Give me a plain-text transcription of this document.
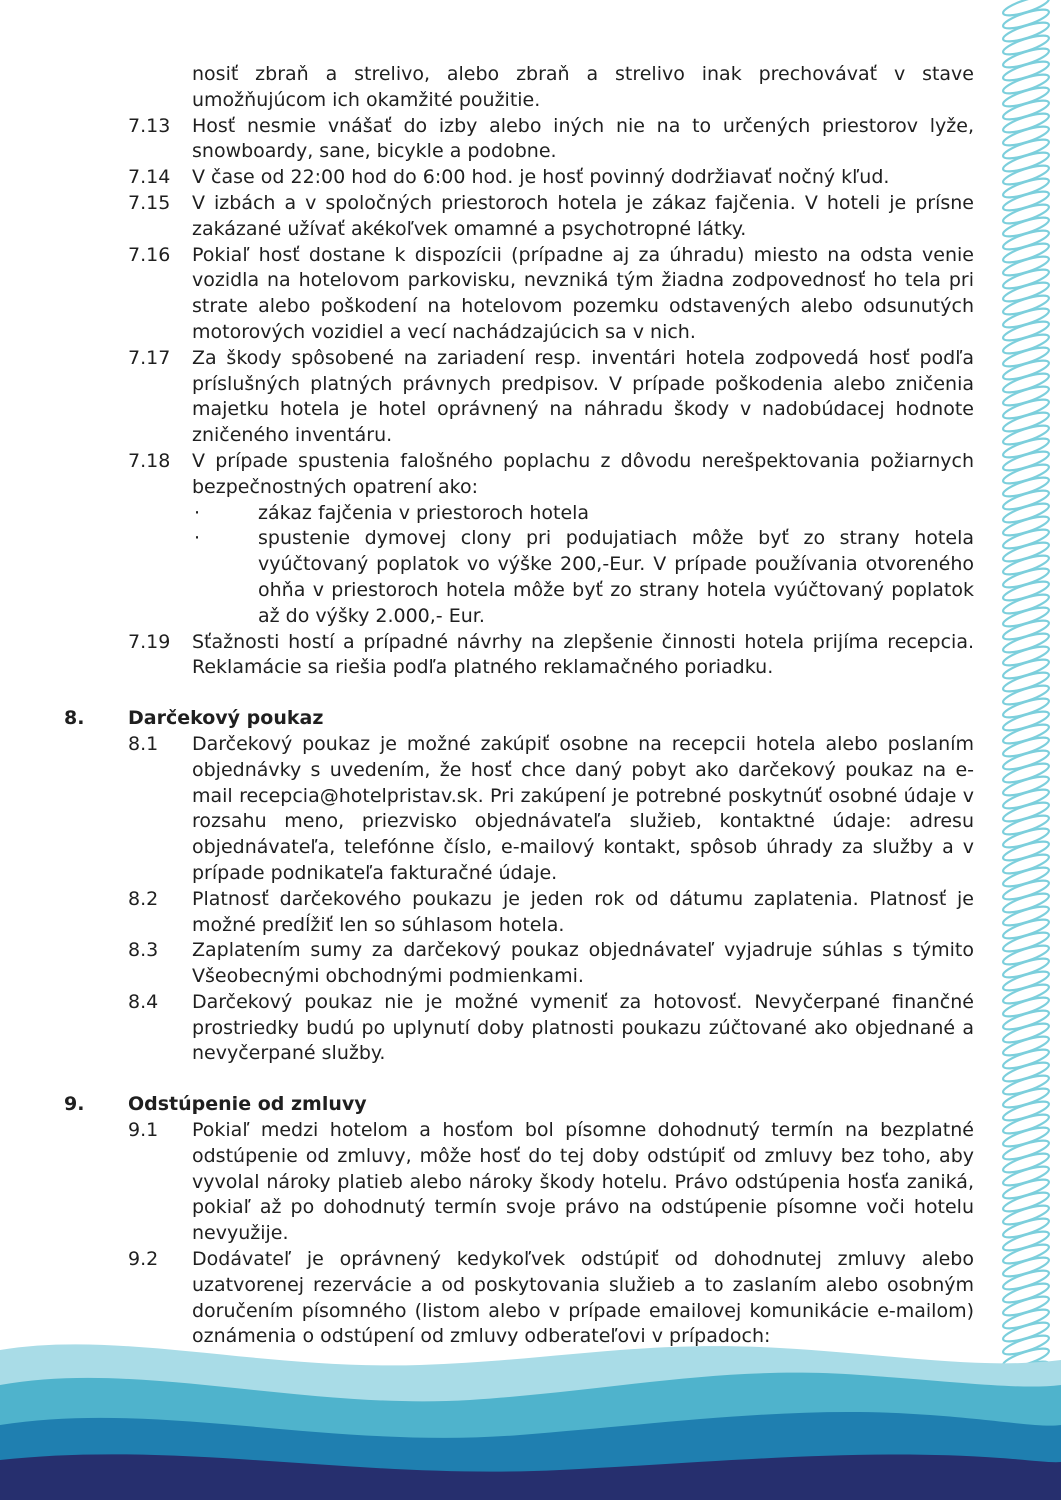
nosiť zbraň a strelivo, alebo zbraň a strelivo inak prechovávať v stave umožňujúcom ich okamžité použitie.
7.13	Hosť nesmie vnášať do izby alebo iných nie na to určených priestorov lyže, snowboardy, sane, bicykle a podobne.
7.14	V čase od 22:00 hod do 6:00 hod. je hosť povinný dodržiavať nočný kľud.
7.15	V izbách a v spoločných priestoroch hotela je zákaz fajčenia. V hoteli je prísne zakázané užívať akékoľvek omamné a psychotropné látky.
7.16	Pokiaľ hosť dostane k dispozícii (prípadne aj za úhradu) miesto na odsta venie vozidla na hotelovom parkovisku, nevzniká tým žiadna zodpovednosť ho tela pri strate alebo poškodení na hotelovom pozemku odstavených alebo odsunutých motorových vozidiel a vecí nachádzajúcich sa v nich.
7.17	Za škody spôsobené na zariadení resp. inventári hotela zodpovedá hosť podľa príslušných platných právnych predpisov. V prípade poškodenia alebo zničenia majetku hotela je hotel oprávnený na náhradu škody v nadobúdacej hodnote zničeného inventáru.
7.18	V prípade spustenia falošného poplachu z dôvodu nerešpektovania požiarnych bezpečnostných opatrení ako:
·	zákaz fajčenia v priestoroch hotela
·	spustenie dymovej clony pri podujatiach môže byť zo strany hotela vyúčtovaný poplatok vo výške 200,-Eur. V prípade používania otvoreného ohňa v priestoroch hotela môže byť zo strany hotela vyúčtovaný poplatok až do výšky 2.000,- Eur.
7.19	Sťažnosti hostí a prípadné návrhy na zlepšenie činnosti hotela prijíma recepcia. Reklamácie sa riešia podľa platného reklamačného poriadku.
8.	Darčekový poukaz
8.1	Darčekový poukaz je možné zakúpiť osobne na recepcii hotela alebo poslaním objednávky s uvedením, že hosť chce daný pobyt ako darčekový poukaz na e-mail recepcia@hotelpristav.sk. Pri zakúpení je potrebné poskytnúť osobné údaje v rozsahu meno, priezvisko objednávateľa služieb, kontaktné údaje: adresu objednávateľa, telefónne číslo, e-mailový kontakt, spôsob úhrady za služby a v prípade podnikateľa fakturačné údaje.
8.2	Platnosť darčekového poukazu je jeden rok od dátumu zaplatenia. Platnosť je možné predĺžiť len so súhlasom hotela.
8.3	Zaplatením sumy za darčekový poukaz objednávateľ vyjadruje súhlas s týmito Všeobecnými obchodnými podmienkami.
8.4	Darčekový poukaz nie je možné vymeniť za hotovosť. Nevyčerpané finančné prostriedky budú po uplynutí doby platnosti poukazu zúčtované ako objednané a nevyčerpané služby.
9.	Odstúpenie od zmluvy
9.1	Pokiaľ medzi hotelom a hosťom bol písomne dohodnutý termín na bezplatné odstúpenie od zmluvy, môže hosť do tej doby odstúpiť od zmluvy bez toho, aby vyvolal nároky platieb alebo nároky škody hotelu. Právo odstúpenia hosťa zaniká, pokiaľ až po dohodnutý termín svoje právo na odstúpenie písomne voči hotelu nevyužije.
9.2	Dodávateľ je oprávnený kedykoľvek odstúpiť od dohodnutej zmluvy alebo uzatvorenej rezervácie a od poskytovania služieb a to zaslaním alebo osobným doručením písomného (listom alebo v prípade emailovej komunikácie e-mailom) oznámenia o odstúpení od zmluvy odberateľovi v prípadoch:
